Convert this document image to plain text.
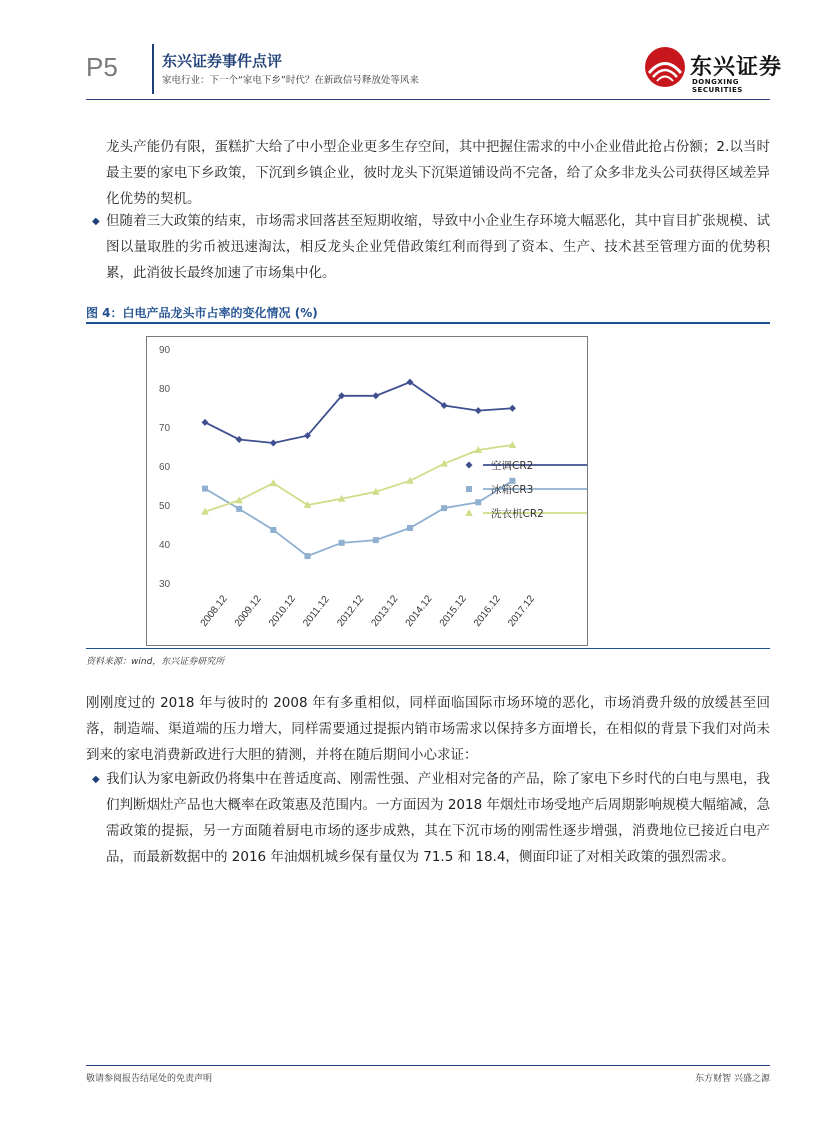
P5	东兴证券事件点评
家电行业：下一个“家电下乡”时代？在新政信号释放处等风来
东兴证券
DONGXING SECURITIES
龙头产能仍有限，蛋糕扩大给了中小型企业更多生存空间，其中把握住需求的中小企业借此抢占份额；2.以当时最主要的家电下乡政策，下沉到乡镇企业，彼时龙头下沉渠道铺设尚不完备，给了众多非龙头公司获得区域差异化优势的契机。
◆ 但随着三大政策的结束，市场需求回落甚至短期收缩，导致中小企业生存环境大幅恶化，其中盲目扩张规模、试图以量取胜的劣币被迅速淘汰，相反龙头企业凭借政策红利而得到了资本、生产、技术甚至管理方面的优势积累，此消彼长最终加速了市场集中化。
图 4：白电产品龙头市占率的变化情况 (%)
30
40
50
60
70
80
90
2008.12 2009.12 2010.12 2011.12 2012.12 2013.12 2014.12 2015.12 2016.12 2017.12
空调CR2
冰箱CR3
洗衣机CR2
资料来源：wind，东兴证券研究所
刚刚度过的 2018 年与彼时的 2008 年有多重相似，同样面临国际市场环境的恶化，市场消费升级的放缓甚至回落，制造端、渠道端的压力增大，同样需要通过提振内销市场需求以保持多方面增长，在相似的背景下我们对尚未到来的家电消费新政进行大胆的猜测，并将在随后期间小心求证：
◆ 我们认为家电新政仍将集中在普适度高、刚需性强、产业相对完备的产品，除了家电下乡时代的白电与黑电，我们判断烟灶产品也大概率在政策惠及范围内。一方面因为 2018 年烟灶市场受地产后周期影响规模大幅缩减，急需政策的提振，另一方面随着厨电市场的逐步成熟，其在下沉市场的刚需性逐步增强，消费地位已接近白电产品，而最新数据中的 2016 年油烟机城乡保有量仅为 71.5 和 18.4，侧面印证了对相关政策的强烈需求。
敬请参阅报告结尾处的免责声明	东方财智 兴盛之源
